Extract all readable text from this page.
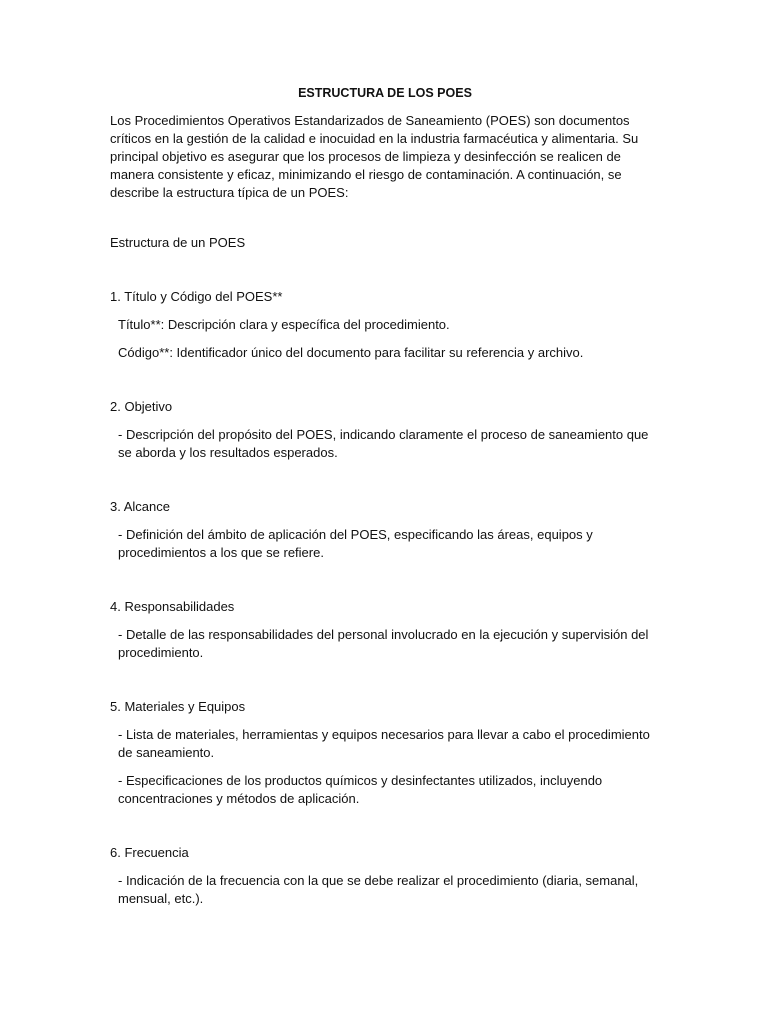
ESTRUCTURA DE LOS POES

Los Procedimientos Operativos Estandarizados de Saneamiento (POES) son documentos críticos en la gestión de la calidad e inocuidad en la industria farmacéutica y alimentaria. Su principal objetivo es asegurar que los procesos de limpieza y desinfección se realicen de manera consistente y eficaz, minimizando el riesgo de contaminación. A continuación, se describe la estructura típica de un POES:

Estructura de un POES

1. Título y Código del POES**

Título**: Descripción clara y específica del procedimiento.

Código**: Identificador único del documento para facilitar su referencia y archivo.

2. Objetivo

- Descripción del propósito del POES, indicando claramente el proceso de saneamiento que se aborda y los resultados esperados.

3. Alcance

- Definición del ámbito de aplicación del POES, especificando las áreas, equipos y procedimientos a los que se refiere.

4. Responsabilidades

- Detalle de las responsabilidades del personal involucrado en la ejecución y supervisión del procedimiento.

5. Materiales y Equipos

- Lista de materiales, herramientas y equipos necesarios para llevar a cabo el procedimiento de saneamiento.

- Especificaciones de los productos químicos y desinfectantes utilizados, incluyendo concentraciones y métodos de aplicación.

6. Frecuencia

- Indicación de la frecuencia con la que se debe realizar el procedimiento (diaria, semanal, mensual, etc.).
